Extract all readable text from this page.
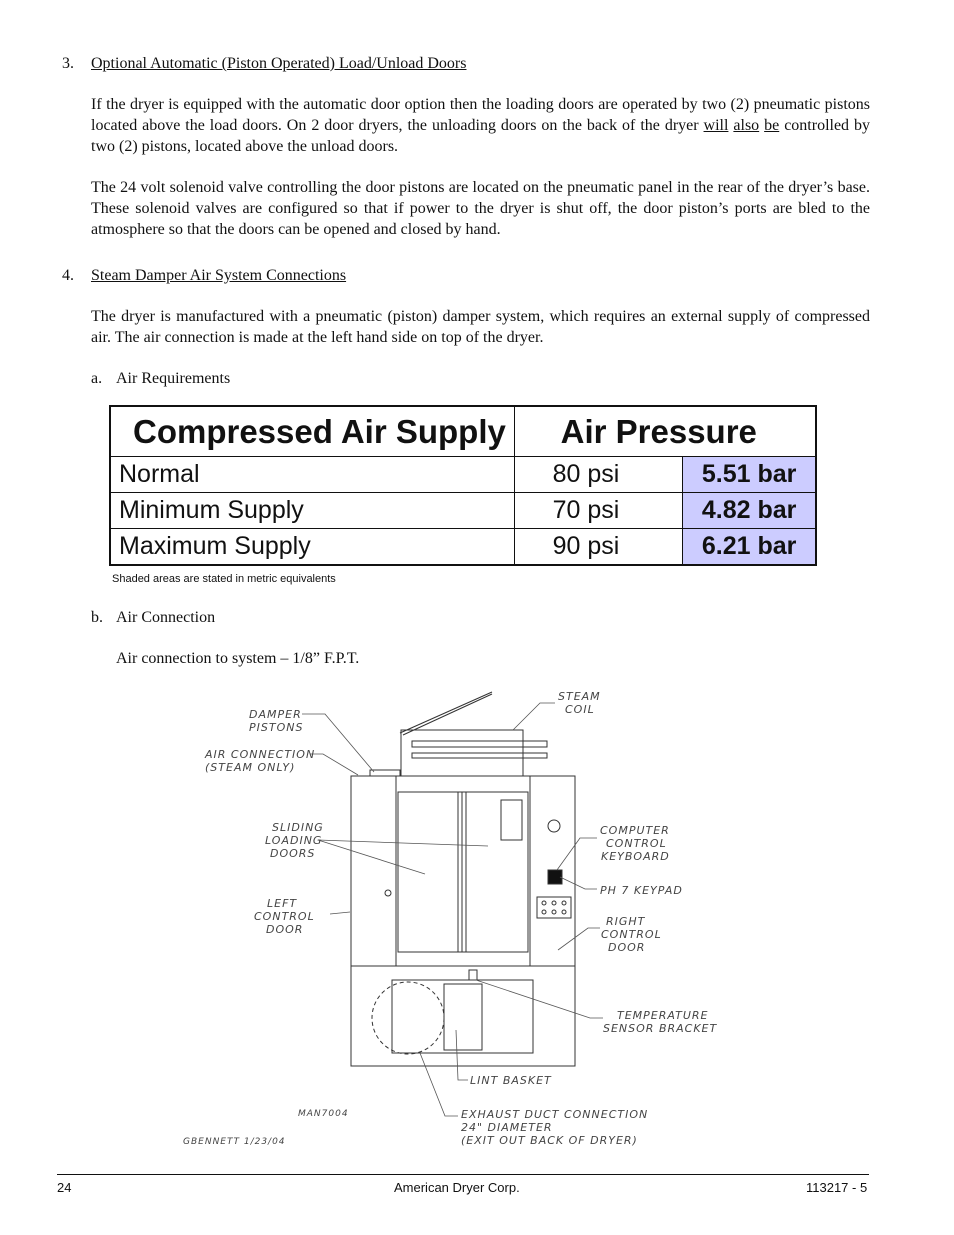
3. Optional Automatic (Piston Operated) Load/Unload Doors
If the dryer is equipped with the automatic door option then the loading doors are operated by two (2) pneumatic pistons located above the load doors. On 2 door dryers, the unloading doors on the back of the dryer will also be controlled by two (2) pistons, located above the unload doors.
The 24 volt solenoid valve controlling the door pistons are located on the pneumatic panel in the rear of the dryer’s base. These solenoid valves are configured so that if power to the dryer is shut off, the door piston’s ports are bled to the atmosphere so that the doors can be opened and closed by hand.
4. Steam Damper Air System Connections
The dryer is manufactured with a pneumatic (piston) damper system, which requires an external supply of compressed air. The air connection is made at the left hand side on top of the dryer.
a. Air Requirements
Compressed Air Supply	Air Pressure	
Normal	80 psi	5.51 bar
Minimum Supply	70 psi	4.82 bar
Maximum Supply	90 psi	6.21 bar
Shaded areas are stated in metric equivalents
b. Air Connection
Air connection to system – 1/8” F.P.T.
DAMPER
PISTONS
AIR CONNECTION
(STEAM ONLY)
SLIDING
LOADING
DOORS
LEFT
CONTROL
DOOR
STEAM
COIL
COMPUTER
CONTROL
KEYBOARD
PH 7 KEYPAD
RIGHT
CONTROL
DOOR
TEMPERATURE
SENSOR BRACKET
LINT BASKET
EXHAUST DUCT CONNECTION
24" DIAMETER
(EXIT OUT BACK OF DRYER)
MAN7004
GBENNETT 1/23/04
24	American Dryer Corp.	113217 - 5
